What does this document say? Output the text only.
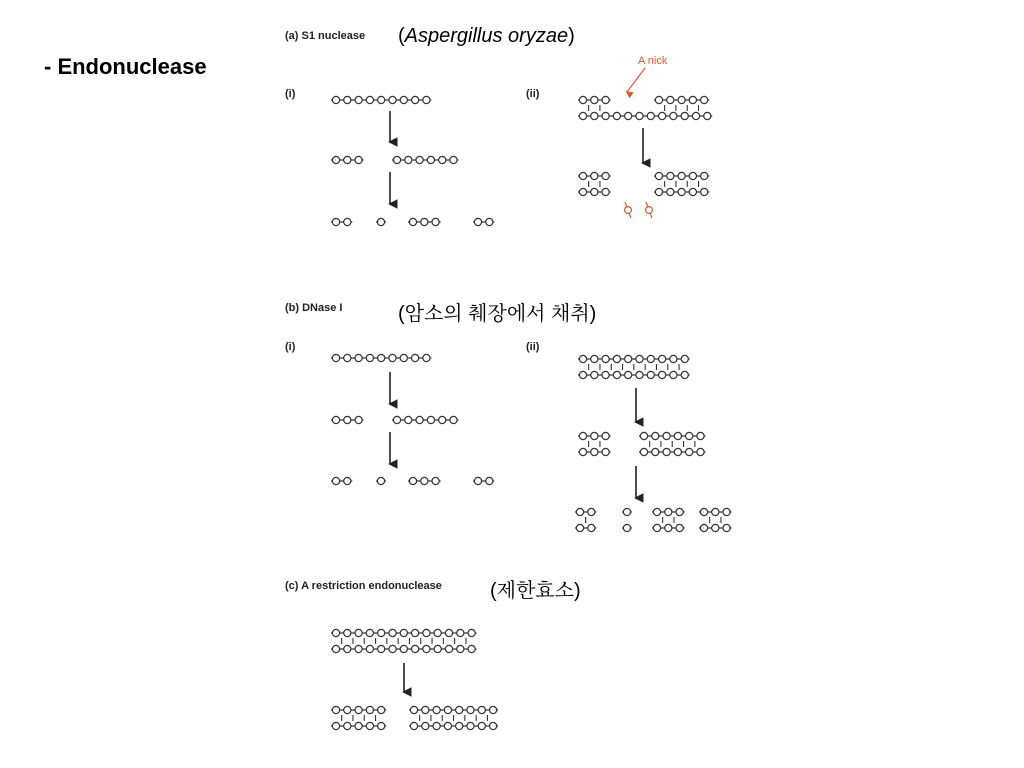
- Endonuclease
(a) S1 nuclease (Aspergillus oryzae)
(i)	(ii)
A nick
(b) DNase I	(암소의 췌장에서 채취)
(i)	(ii)
(c) A restriction endonuclease (제한효소)
